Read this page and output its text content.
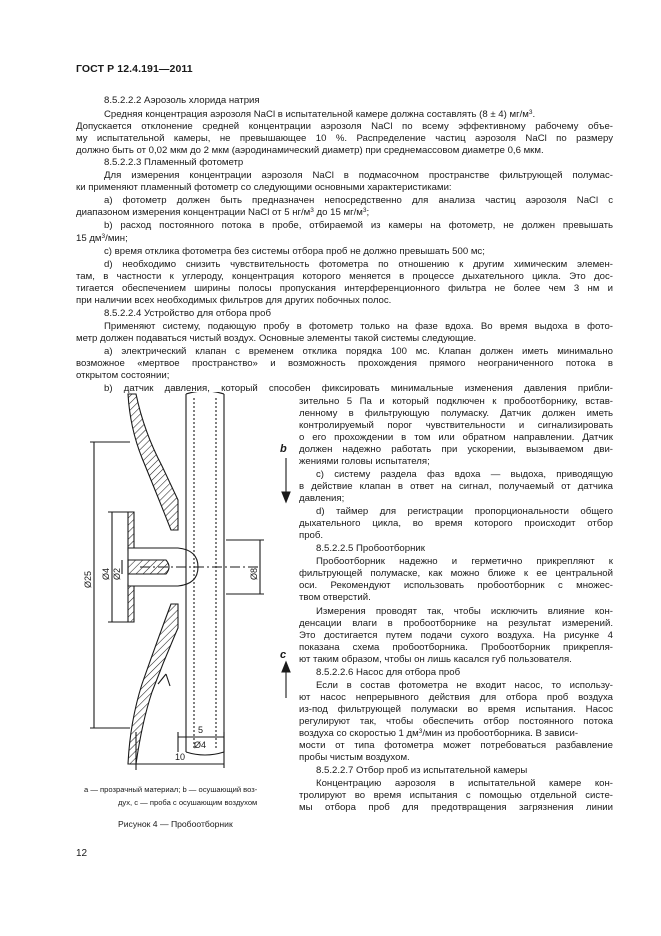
ГОСТ Р 12.4.191—2011
8.5.2.2.2 Аэрозоль хлорида натрия
Средняя концентрация аэрозоля NaCl в испытательной камере должна составлять (8 ± 4) $мг/м^3$.
Допускается отклонение средней концентрации аэрозоля NaCl по всему эффективному рабочему объе-
му испытательной камеры, не превышающее 10 %. Распределение частиц аэрозоля NaCl по размеру
должно быть от 0,02 мкм до 2 мкм (аэродинамический диаметр) при среднемассовом диаметре 0,6 мкм.
8.5.2.2.3 Пламенный фотометр
Для измерения концентрации аэрозоля NaCl в подмасочном пространстве фильтрующей полумас-
ки применяют пламенный фотометр со следующими основными характеристиками:
a) фотометр должен быть предназначен непосредственно для анализа частиц аэрозоля NaCl с
диапазоном измерения концентрации NaCl от 5 $нг/м^3$ до 15 $мг/м^3$;
b) расход постоянного потока в пробе, отбираемой из камеры на фотометр, не должен превышать
15 $дм^3$/мин;
c) время отклика фотометра без системы отбора проб не должно превышать 500 мс;
d) необходимо снизить чувствительность фотометра по отношению к другим химическим элемен-
там, в частности к углероду, концентрация которого меняется в процессе дыхательного цикла. Это дос-
тигается обеспечением ширины полосы пропускания интерференционного фильтра не более чем 3 нм и
при наличии всех необходимых фильтров для других побочных полос.
8.5.2.2.4 Устройство для отбора проб
Применяют систему, подающую пробу в фотометр только на фазе вдоха. Во время выдоха в фото-
метр должен подаваться чистый воздух. Основные элементы такой системы следующие.
a) электрический клапан с временем отклика порядка 100 мс. Клапан должен иметь минимально
возможное «мертвое пространство» и возможность прохождения прямого неограниченного потока в
открытом состоянии;
b) датчик давления, который способен фиксировать минимальные изменения давления прибли-
зительно 5 Па и который подключен к пробоотборнику, встав-
ленному в фильтрующую полумаску. Датчик должен иметь
контролируемый порог чувствительности и сигнализировать
о его прохождении в том или обратном направлении. Датчик
должен надежно работать при ускорении, вызываемом дви-
жениями головы испытателя;
c) систему раздела фаз вдоха — выдоха, приводящую
в действие клапан в ответ на сигнал, получаемый от датчика
давления;
d) таймер для регистрации пропорциональности общего
дыхательного цикла, во время которого происходит отбор
проб.
8.5.2.2.5 Пробоотборник
Пробоотборник надежно и герметично прикрепляют к
фильтрующей полумаске, как можно ближе к ее центральной
оси. Рекомендуют использовать пробоотборник с множес-
твом отверстий.
Измерения проводят так, чтобы исключить влияние кон-
денсации влаги в пробоотборнике на результат измерений.
Это достигается путем подачи сухого воздуха. На рисунке 4
показана схема пробоотборника. Пробоотборник прикрепля-
ют таким образом, чтобы он лишь касался губ пользователя.
8.5.2.2.6 Насос для отбора проб
Если в состав фотометра не входит насос, то использу-
ют насос непрерывного действия для отбора проб воздуха
из-под фильтрующей полумаски во время испытания. Насос
регулируют так, чтобы обеспечить отбор постоянного потока
воздуха со скоростью 1 $дм^3$/мин из пробоотборника. В зависи-
мости от типа фотометра может потребоваться разбавление
пробы чистым воздухом.
8.5.2.2.7 Отбор проб из испытательной камеры
Концентрацию аэрозоля в испытательной камере кон-
тролируют во время испытания с помощью отдельной систе-
мы отбора проб для предотвращения загрязнения линии
b
c
Ø25 Ø4 Ø2	Ø8
Ø4
5
10
a — прозрачный материал; b — осушающий воз-
дух, c — проба с осушающим воздухом
Рисунок 4 — Пробоотборник
12
